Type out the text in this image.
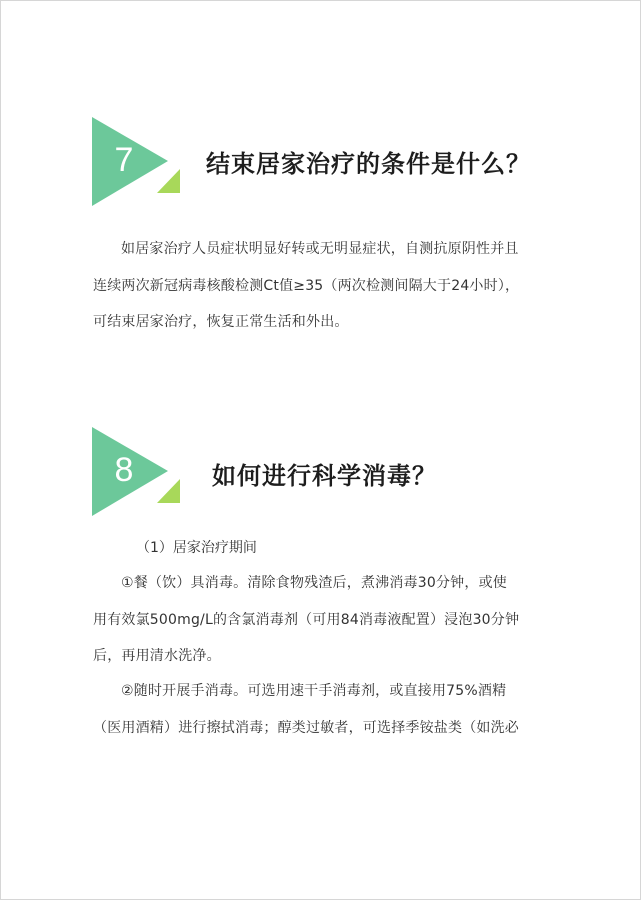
7	结束居家治疗的条件是什么？
如居家治疗人员症状明显好转或无明显症状，自测抗原阴性并且
连续两次新冠病毒核酸检测Ct值≥35（两次检测间隔大于24小时），
可结束居家治疗，恢复正常生活和外出。
8	如何进行科学消毒？
（1）居家治疗期间
①餐（饮）具消毒。清除食物残渣后，煮沸消毒30分钟，或使
用有效氯500mg/L的含氯消毒剂（可用84消毒液配置）浸泡30分钟
后，再用清水洗净。
②随时开展手消毒。可选用速干手消毒剂，或直接用75%酒精
（医用酒精）进行擦拭消毒；醇类过敏者，可选择季铵盐类（如洗必
